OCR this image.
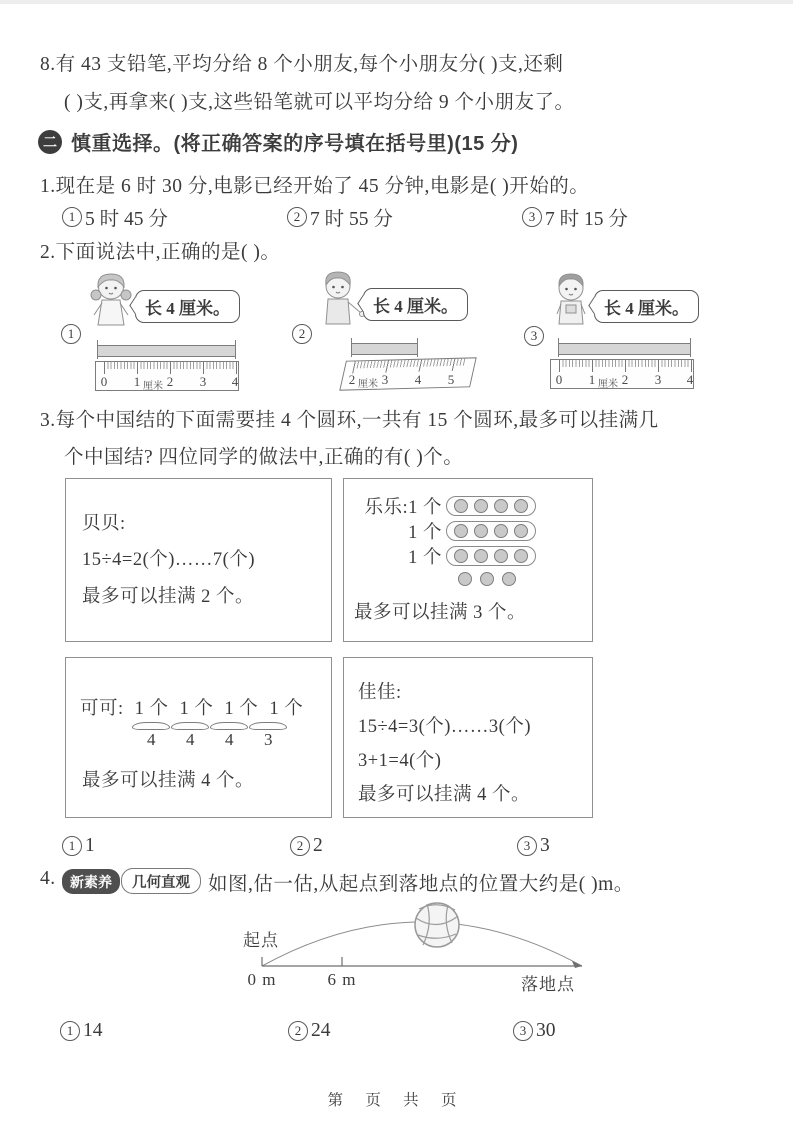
8.有 43 支铅笔,平均分给 8 个小朋友,每个小朋友分( )支,还剩
( )支,再拿来( )支,这些铅笔就可以平均分给 9 个小朋友了。
二 慎重选择。(将正确答案的序号填在括号里)(15 分)
1.现在是 6 时 30 分,电影已经开始了 45 分钟,电影是( )开始的。
1 5 时 45 分	2 7 时 55 分	3 7 时 15 分
2.下面说法中,正确的是( )。
1
长 4 厘米。
0 1 厘米 2 3 4
2
长 4 厘米。
2 厘米 3 4 5
3
长 4 厘米。
0 1 厘米 2 3 4
3.每个中国结的下面需要挂 4 个圆环,一共有 15 个圆环,最多可以挂满几
个中国结? 四位同学的做法中,正确的有( )个。
贝贝:
15÷4=2(个)……7(个)
最多可以挂满 2 个。
乐乐:1 个
1 个
1 个
最多可以挂满 3 个。
可可: 1 个 1 个 1 个 1 个
4	4	4	3
最多可以挂满 4 个。
佳佳:
15÷4=3(个)……3(个)
3+1=4(个)
最多可以挂满 4 个。
1 1	2 2	3 3
4.	新素养	几何直观 如图,估一估,从起点到落地点的位置大约是( )m。
起点
0 m	6 m	落地点
1 14	2 24	3 30
第 页 共 页
